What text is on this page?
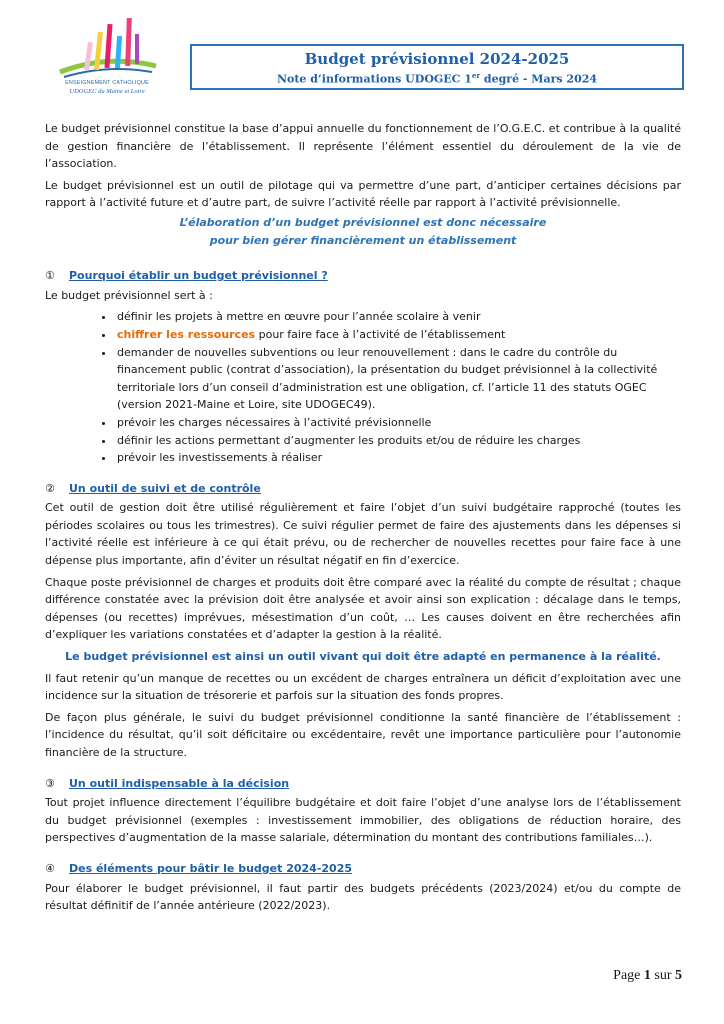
ENSEIGNEMENT CATHOLIQUE
UDOGEC du Maine et Loire
Budget prévisionnel 2024-2025
Note d’informations UDOGEC 1er degré - Mars 2024

Le budget prévisionnel constitue la base d’appui annuelle du fonctionnement de l’O.G.E.C. et contribue à la qualité de gestion financière de l’établissement. Il représente l’élément essentiel du déroulement de la vie de l’association.

Le budget prévisionnel est un outil de pilotage qui va permettre d’une part, d’anticiper certaines décisions par rapport à l’activité future et d’autre part, de suivre l’activité réelle par rapport à l’activité prévisionnelle.

L’élaboration d’un budget prévisionnel est donc nécessaire
pour bien gérer financièrement un établissement

①	Pourquoi établir un budget prévisionnel ?

Le budget prévisionnel sert à :

• définir les projets à mettre en œuvre pour l’année scolaire à venir
• chiffrer les ressources pour faire face à l’activité de l’établissement
• demander de nouvelles subventions ou leur renouvellement : dans le cadre du contrôle du financement public (contrat d’association), la présentation du budget prévisionnel à la collectivité territoriale lors d’un conseil d’administration est une obligation, cf. l’article 11 des statuts OGEC (version 2021-Maine et Loire, site UDOGEC49).
• prévoir les charges nécessaires à l’activité prévisionnelle
• définir les actions permettant d’augmenter les produits et/ou de réduire les charges
• prévoir les investissements à réaliser
②	Un outil de suivi et de contrôle

Cet outil de gestion doit être utilisé régulièrement et faire l’objet d’un suivi budgétaire rapproché (toutes les périodes scolaires ou tous les trimestres). Ce suivi régulier permet de faire des ajustements dans les dépenses si l’activité réelle est inférieure à ce qui était prévu, ou de rechercher de nouvelles recettes pour faire face à une dépense plus importante, afin d’éviter un résultat négatif en fin d’exercice.

Chaque poste prévisionnel de charges et produits doit être comparé avec la réalité du compte de résultat ; chaque différence constatée avec la prévision doit être analysée et avoir ainsi son explication : décalage dans le temps, dépenses (ou recettes) imprévues, mésestimation d’un coût, … Les causes doivent en être recherchées afin d’expliquer les variations constatées et d’adapter la gestion à la réalité.

Le budget prévisionnel est ainsi un outil vivant qui doit être adapté en permanence à la réalité.

Il faut retenir qu’un manque de recettes ou un excédent de charges entraînera un déficit d’exploitation avec une incidence sur la situation de trésorerie et parfois sur la situation des fonds propres.

De façon plus générale, le suivi du budget prévisionnel conditionne la santé financière de l’établissement : l’incidence du résultat, qu’il soit déficitaire ou excédentaire, revêt une importance particulière pour l’autonomie financière de la structure.

③	Un outil indispensable à la décision

Tout projet influence directement l’équilibre budgétaire et doit faire l’objet d’une analyse lors de l’établissement du budget prévisionnel (exemples : investissement immobilier, des obligations de réduction horaire, des perspectives d’augmentation de la masse salariale, détermination du montant des contributions familiales…).

④	Des éléments pour bâtir le budget 2024-2025

Pour élaborer le budget prévisionnel, il faut partir des budgets précédents (2023/2024) et/ou du compte de résultat définitif de l’année antérieure (2022/2023).

Page 1 sur 5
